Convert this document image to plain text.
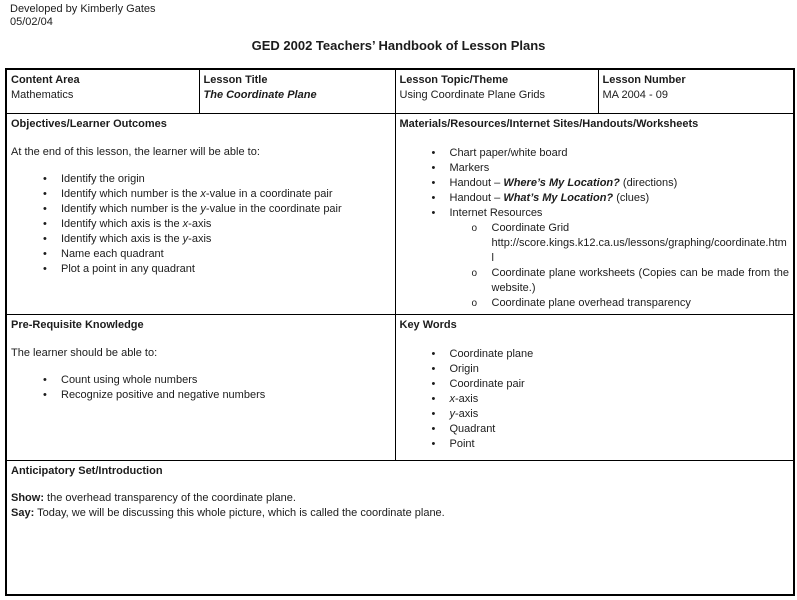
Developed by Kimberly Gates
05/02/04
GED 2002 Teachers’ Handbook of Lesson Plans
Content Area
Mathematics

Lesson Title
The Coordinate Plane

Lesson Topic/Theme
Using Coordinate Plane Grids

Lesson Number
MA 2004 - 09

Objectives/Learner Outcomes
At the end of this lesson, the learner will be able to:
• Identify the origin
• Identify which number is the x-value in a coordinate pair
• Identify which number is the y-value in the coordinate pair
• Identify which axis is the x-axis
• Identify which axis is the y-axis
• Name each quadrant
• Plot a point in any quadrant

Materials/Resources/Internet Sites/Handouts/Worksheets
• Chart paper/white board
• Markers
• Handout – Where’s My Location? (directions)
• Handout – What’s My Location? (clues)
• Internet Resources
o Coordinate Grid
http://score.kings.k12.ca.us/lessons/graphing/coordinate.html
o Coordinate plane worksheets (Copies can be made from the website.)
o Coordinate plane overhead transparency

Pre-Requisite Knowledge
The learner should be able to:
• Count using whole numbers
• Recognize positive and negative numbers

Key Words
• Coordinate plane
• Origin
• Coordinate pair
• x-axis
• y-axis
• Quadrant
• Point

Anticipatory Set/Introduction
Show: the overhead transparency of the coordinate plane.
Say: Today, we will be discussing this whole picture, which is called the coordinate plane.			
